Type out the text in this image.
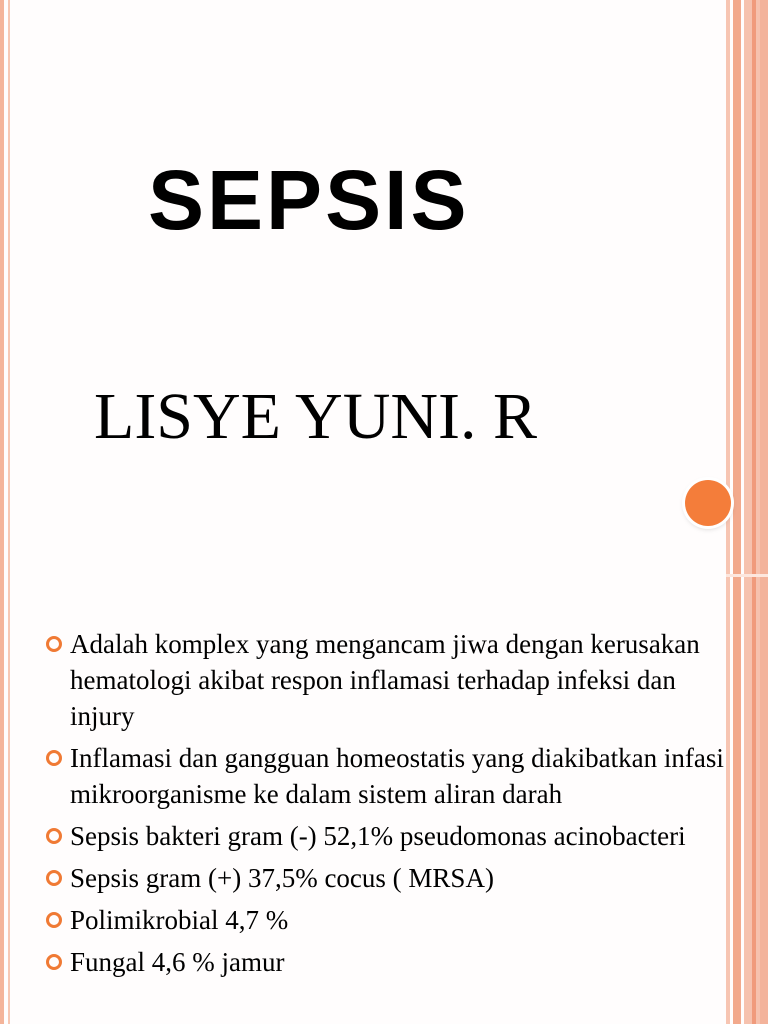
SEPSIS
LISYE YUNI. R
Adalah komplex yang mengancam jiwa dengan kerusakan hematologi akibat respon inflamasi terhadap infeksi dan injury
Inflamasi dan gangguan homeostatis yang diakibatkan infasi mikroorganisme ke dalam sistem aliran darah
Sepsis bakteri gram (-) 52,1% pseudomonas acinobacteri
Sepsis gram (+) 37,5% cocus ( MRSA)
Polimikrobial 4,7 %
Fungal 4,6 % jamur
